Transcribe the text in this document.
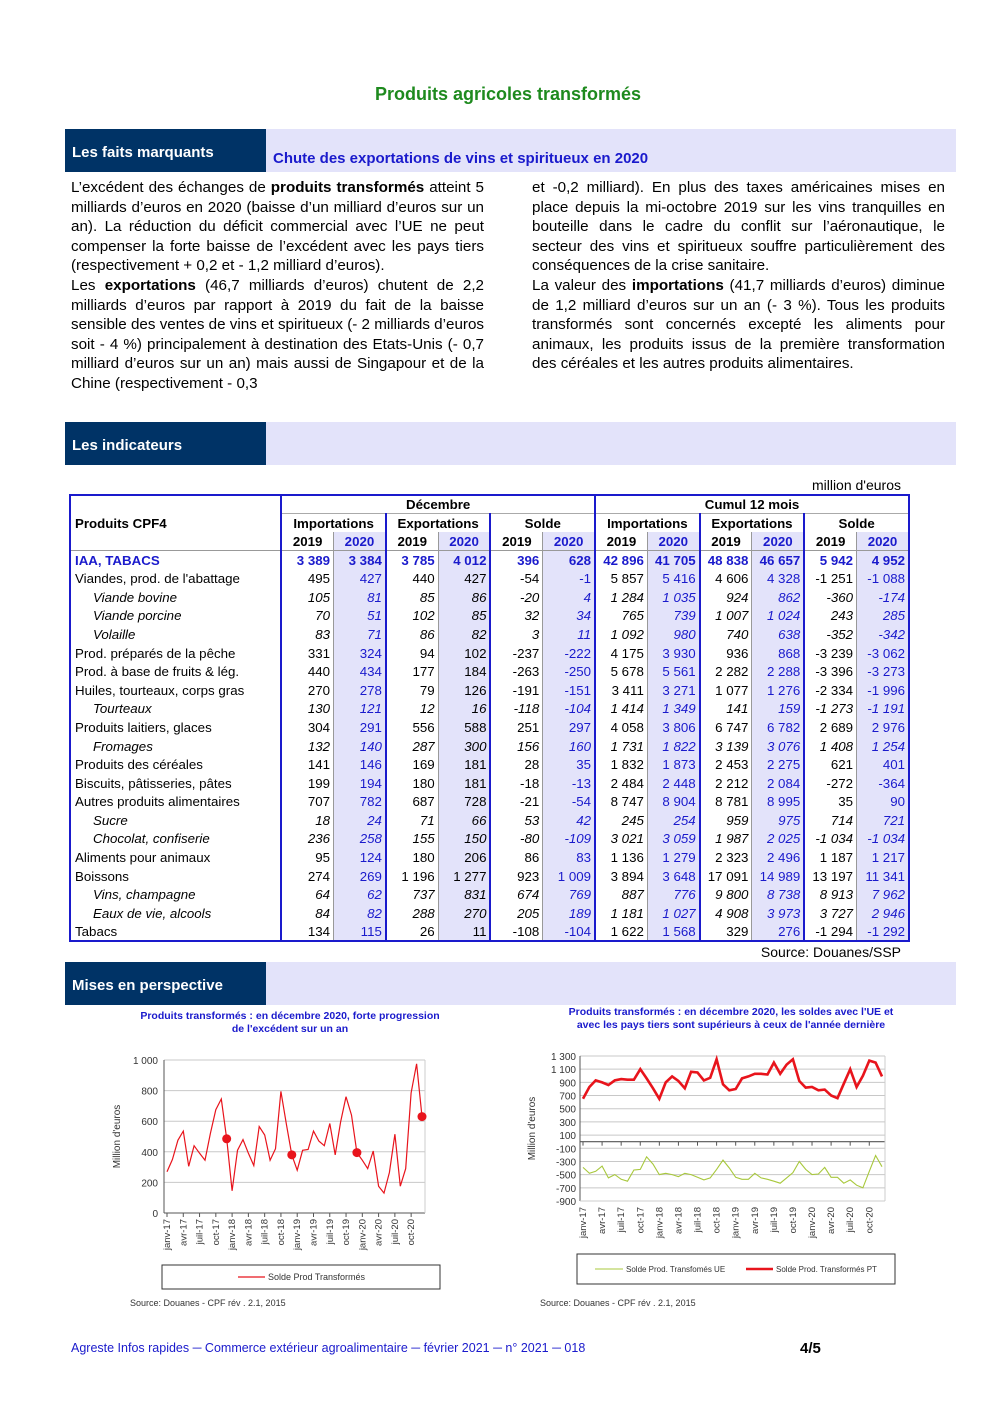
Produits agricoles transformés
Les faits marquants	Chute des exportations de vins et spiritueux en 2020

L’excédent des échanges de produits transformés atteint 5 milliards d’euros en 2020 (baisse d’un milliard d’euros sur un an). La réduction du déficit commercial avec l’UE ne peut compenser la forte baisse de l’excédent avec les pays tiers (respectivement + 0,2 et - 1,2 milliard d’euros).

Les exportations (46,7 milliards d’euros) chutent de 2,2 milliards d’euros par rapport à 2019 du fait de la baisse sensible des ventes de vins et spiritueux (- 2 milliards d’euros soit - 4 %) principalement à destination des Etats-Unis (- 0,7 milliard d’euros sur un an) mais aussi de Singapour et de la Chine (respectivement - 0,3

et -0,2 milliard). En plus des taxes américaines mises en place depuis la mi-octobre 2019 sur les vins tranquilles en bouteille dans le cadre du conflit sur l’aéronautique, le secteur des vins et spiritueux souffre particulièrement des conséquences de la crise sanitaire.

La valeur des importations (41,7 milliards d’euros) diminue de 1,2 milliard d’euros sur un an (- 3 %). Tous les produits transformés sont concernés excepté les aliments pour animaux, les produits issus de la première transformation des céréales et les autres produits alimentaires.

Les indicateurs
million d'euros
Produits CPF4	Décembre						Cumul 12 mois					
	Importations		Exportations		Solde		Importations		Exportations		Solde	
	2019	2020	2019	2020	2019	2020	2019	2020	2019	2020	2019	2020
IAA, TABACS	3 389	3 384	3 785	4 012	396	628	42 896	41 705	48 838	46 657	5 942	4 952
Viandes, prod. de l'abattage	495	427	440	427	-54	-1	5 857	5 416	4 606	4 328	-1 251	-1 088
Viande bovine	105	81	85	86	-20	4	1 284	1 035	924	862	-360	-174
Viande porcine	70	51	102	85	32	34	765	739	1 007	1 024	243	285
Volaille	83	71	86	82	3	11	1 092	980	740	638	-352	-342
Prod. préparés de la pêche	331	324	94	102	-237	-222	4 175	3 930	936	868	-3 239	-3 062
Prod. à base de fruits & lég.	440	434	177	184	-263	-250	5 678	5 561	2 282	2 288	-3 396	-3 273
Huiles, tourteaux, corps gras	270	278	79	126	-191	-151	3 411	3 271	1 077	1 276	-2 334	-1 996
Tourteaux	130	121	12	16	-118	-104	1 414	1 349	141	159	-1 273	-1 191
Produits laitiers, glaces	304	291	556	588	251	297	4 058	3 806	6 747	6 782	2 689	2 976
Fromages	132	140	287	300	156	160	1 731	1 822	3 139	3 076	1 408	1 254
Produits des céréales	141	146	169	181	28	35	1 832	1 873	2 453	2 275	621	401
Biscuits, pâtisseries, pâtes	199	194	180	181	-18	-13	2 484	2 448	2 212	2 084	-272	-364
Autres produits alimentaires	707	782	687	728	-21	-54	8 747	8 904	8 781	8 995	35	90
Sucre	18	24	71	66	53	42	245	254	959	975	714	721
Chocolat, confiserie	236	258	155	150	-80	-109	3 021	3 059	1 987	2 025	-1 034	-1 034
Aliments pour animaux	95	124	180	206	86	83	1 136	1 279	2 323	2 496	1 187	1 217
Boissons	274	269	1 196	1 277	923	1 009	3 894	3 648	17 091	14 989	13 197	11 341
Vins, champagne	64	62	737	831	674	769	887	776	9 800	8 738	8 913	7 962
Eaux de vie, alcools	84	82	288	270	205	189	1 181	1 027	4 908	3 973	3 727	2 946
Tabacs	134	115	26	11	-108	-104	1 622	1 568	329	276	-1 294	-1 292
Source: Douanes/SSP
Mises en perspective
Produits transformés : en décembre 2020, forte progression de l'excédent sur un an
0
200
400
600
800
1 000
Million d'euros
janv-17 avr-17 juil-17 oct-17 janv-18 avr-18 juil-18 oct-18 janv-19 avr-19 juil-19 oct-19 janv-20 avr-20 juil-20 oct-20
Solde Prod Transformés
Source: Douanes - CPF rév . 2.1, 2015
Produits transformés : en décembre 2020, les soldes avec l'UE et avec les pays tiers sont supérieurs à ceux de l'année dernière
-900
-700
-500
-300
-100
100
300
500
700
900
1 100
1 300
Million d'euros
janv-17 avr-17 juil-17 oct-17 janv-18 avr-18 juil-18 oct-18 janv-19 avr-19 juil-19 oct-19 janv-20 avr-20 juil-20 oct-20
Solde Prod. Transfomés UE	Solde Prod. Transformés PT
Source: Douanes - CPF rév . 2.1, 2015
Agreste Infos rapides ─ Commerce extérieur agroalimentaire ─ février 2021 ─ n° 2021 ─ 018	4/5
